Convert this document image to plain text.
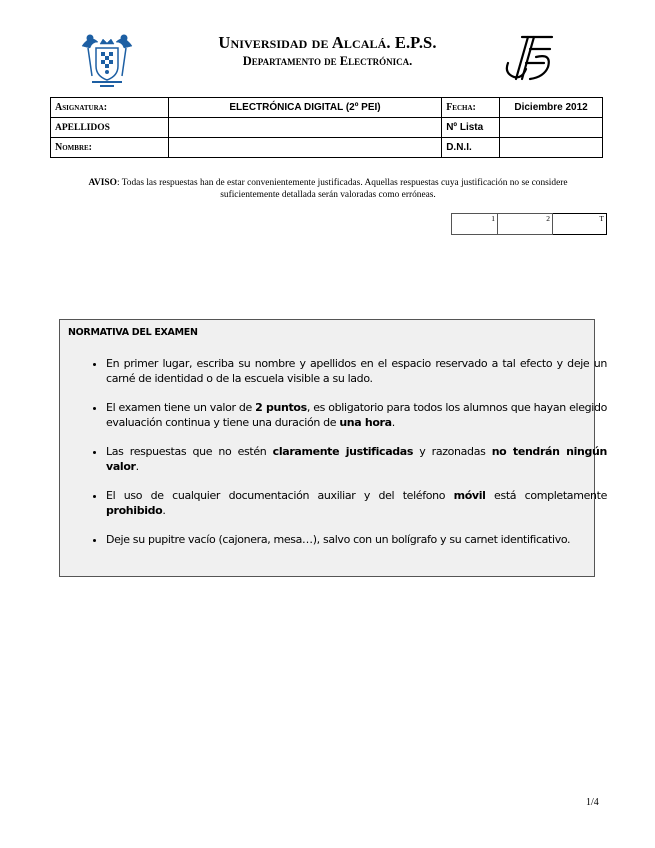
Universidad de Alcalá. E.P.S.
Departamento de Electrónica.
Asignatura:	ELECTRÓNICA DIGITAL (2º PEI)	Fecha:	Diciembre 2012
APELLIDOS		Nº Lista	
Nombre:		D.N.I.	
AVISO: Todas las respuestas han de estar convenientemente justificadas. Aquellas respuestas cuya justificación no se considere suficientemente detallada serán valoradas como erróneas.
1	2	T
NORMATIVA DEL EXAMEN
• En primer lugar, escriba su nombre y apellidos en el espacio reservado a tal efecto y deje un carné de identidad o de la escuela visible a su lado.
• El examen tiene un valor de 2 puntos, es obligatorio para todos los alumnos que hayan elegido evaluación continua y tiene una duración de una hora.
• Las respuestas que no estén claramente justificadas y razonadas no tendrán ningún valor.
• El uso de cualquier documentación auxiliar y del teléfono móvil está completamente prohibido.
• Deje su pupitre vacío (cajonera, mesa…), salvo con un bolígrafo y su carnet identificativo.
1/4
